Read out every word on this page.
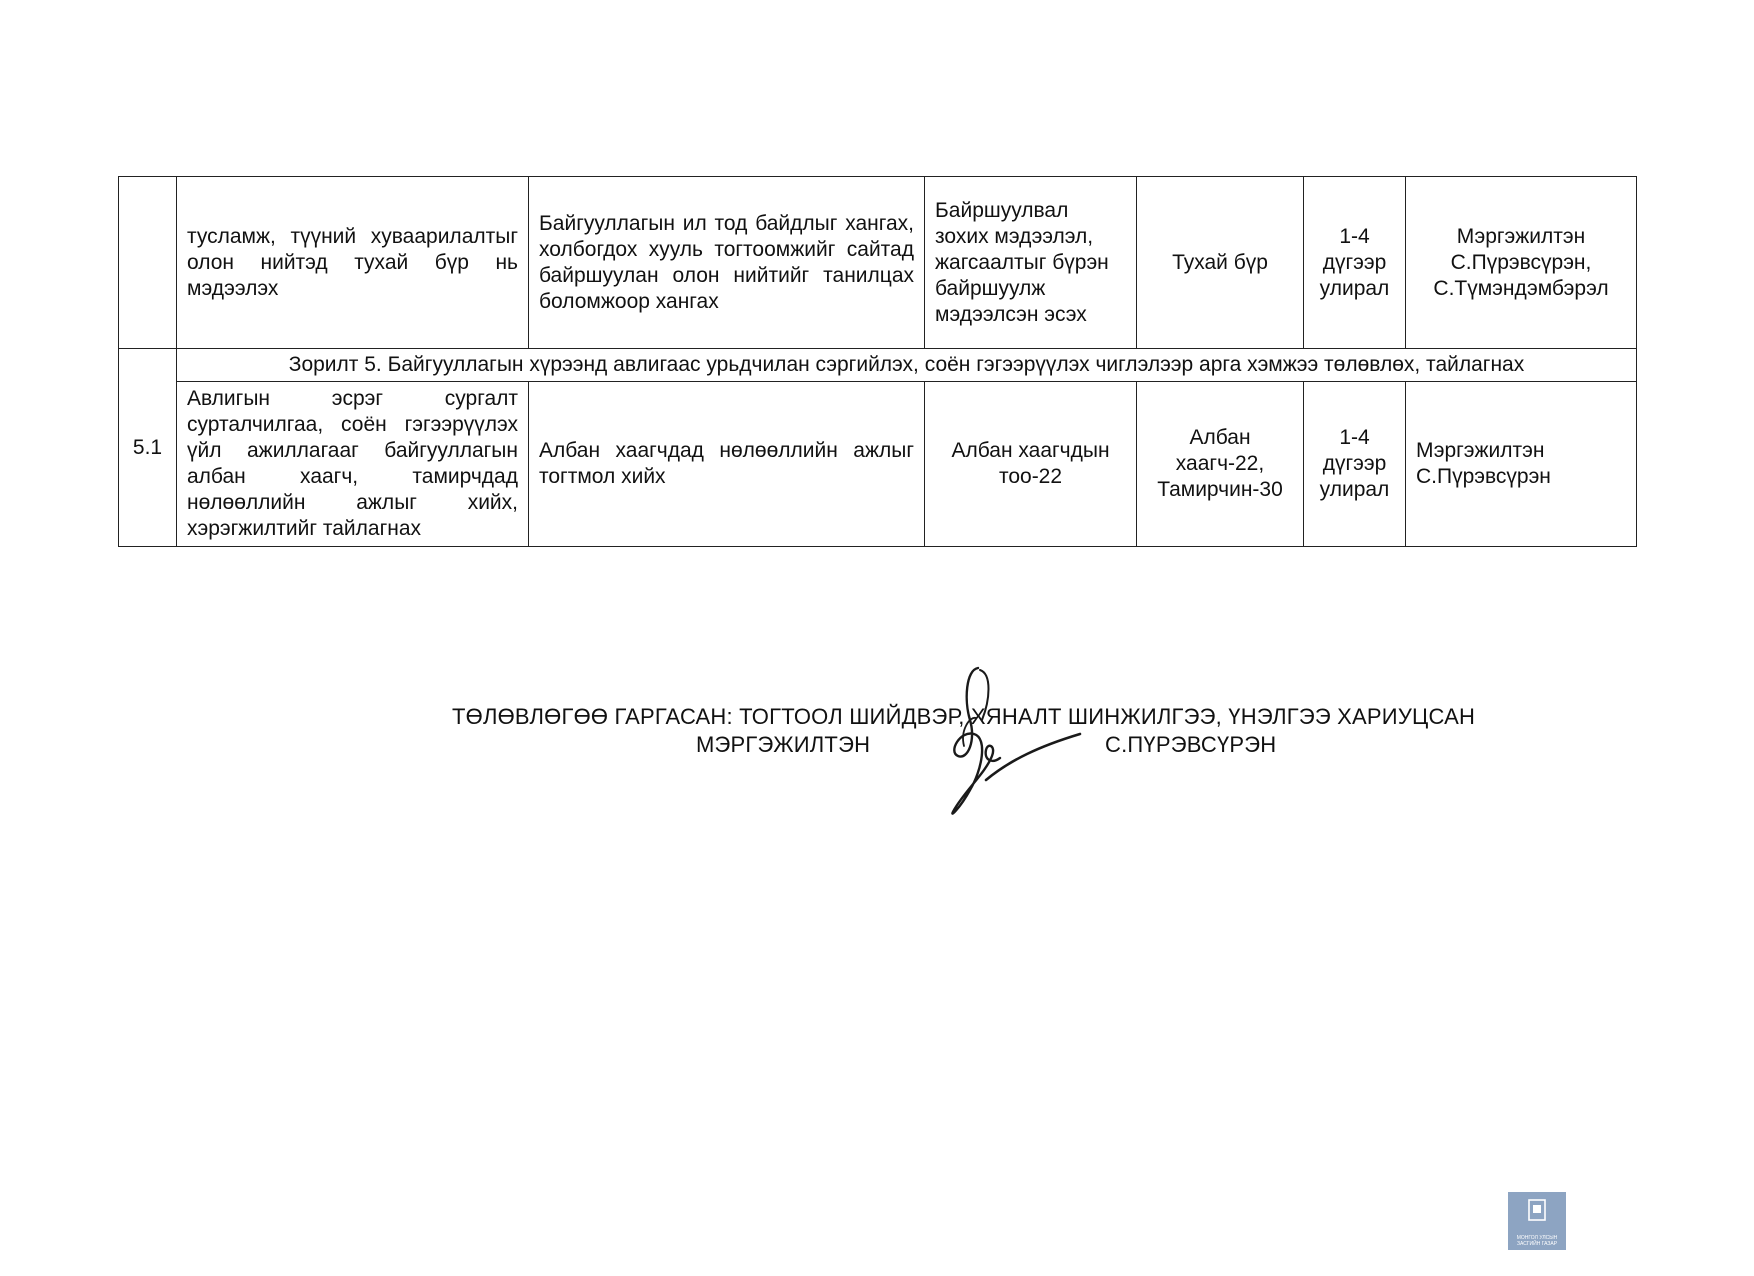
	тусламж, түүний хуваарилалтыг олон нийтэд тухай бүр нь мэдээлэх	Байгууллагын ил тод байдлыг хангах, холбогдох хууль тогтоомжийг сайтад байршуулан олон нийтийг танилцах боломжоор хангах	Байршуулвал зохих мэдээлэл, жагсаалтыг бүрэн байршуулж мэдээлсэн эсэх	Тухай бүр	1-4 дүгээр улирал	Мэргэжилтэн С.Пүрэвсүрэн, С.Түмэндэмбэрэл
5.1	Зорилт 5. Байгууллагын хүрээнд авлигаас урьдчилан сэргийлэх, соён гэгээрүүлэх чиглэлээр арга хэмжээ төлөвлөх, тайлагнах					
	Авлигын эсрэг сургалт сурталчилгаа, соён гэгээрүүлэх үйл ажиллагааг байгууллагын албан хаагч, тамирчдад нөлөөллийн ажлыг хийх, хэрэгжилтийг тайлагнах	Албан хаагчдад нөлөөллийн ажлыг тогтмол хийх	Албан хаагчдын тоо-22	Албан хаагч-22, Тамирчин-30	1-4 дүгээр улирал	Мэргэжилтэн С.Пүрэвсүрэн
ТӨЛӨВЛӨГӨӨ ГАРГАСАН: ТОГТООЛ ШИЙДВЭР, ХЯНАЛТ ШИНЖИЛГЭЭ, ҮНЭЛГЭЭ ХАРИУЦСАН
МЭРГЭЖИЛТЭН	С.ПҮРЭВСҮРЭН
МОНГОЛ УЛСЫН
ЗАСГИЙН ГАЗАР
